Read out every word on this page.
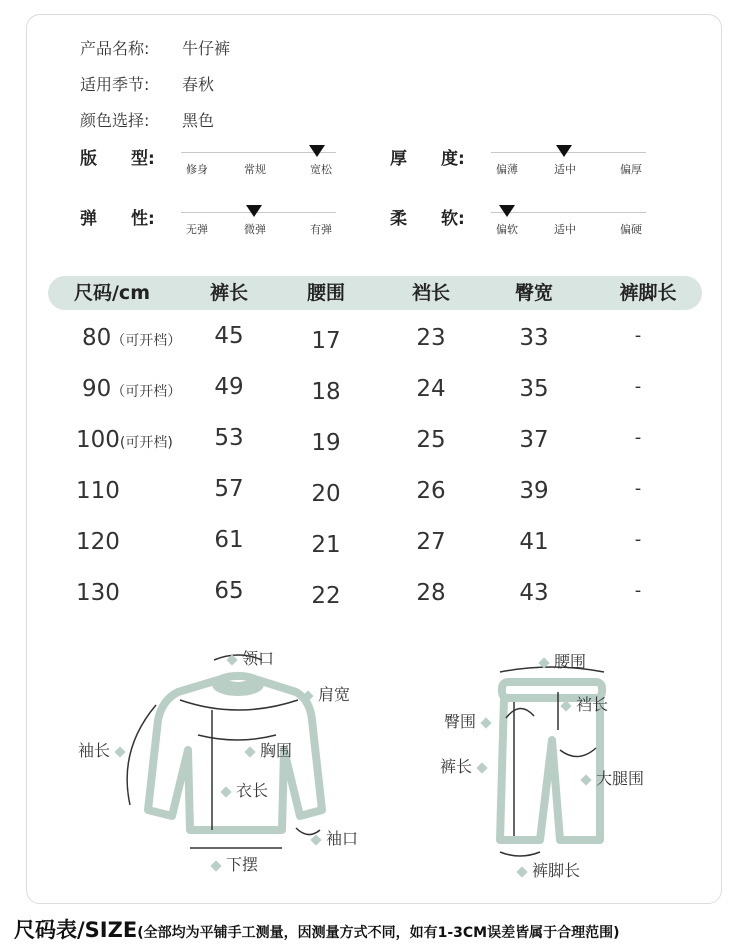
产品名称: 牛仔裤
适用季节: 春秋
颜色选择: 黑色
版　　型:
修身	常规	宽松
厚　　度:
偏薄	适中	偏厚
弹　　性:
无弹	微弹	有弹
柔　　软:
偏软	适中	偏硬
尺码/cm	裤长	腰围	裆长	臀宽	裤脚长
80（可开档） 45	17	23	33	-
90（可开档） 49	18	24	35	-
100(可开档) 53	19	25	37	-
110	57	20	26	39	-
120	61	21	27	41	-
130	65	22	28	43	-
领口
肩宽
袖长	胸围
衣长
袖口
下摆
腰围
臀围
裆长
裤长
大腿围
裤脚长
尺码表/SIZE(全部均为平铺手工测量，因测量方式不同，如有1-3CM误差皆属于合理范围)
